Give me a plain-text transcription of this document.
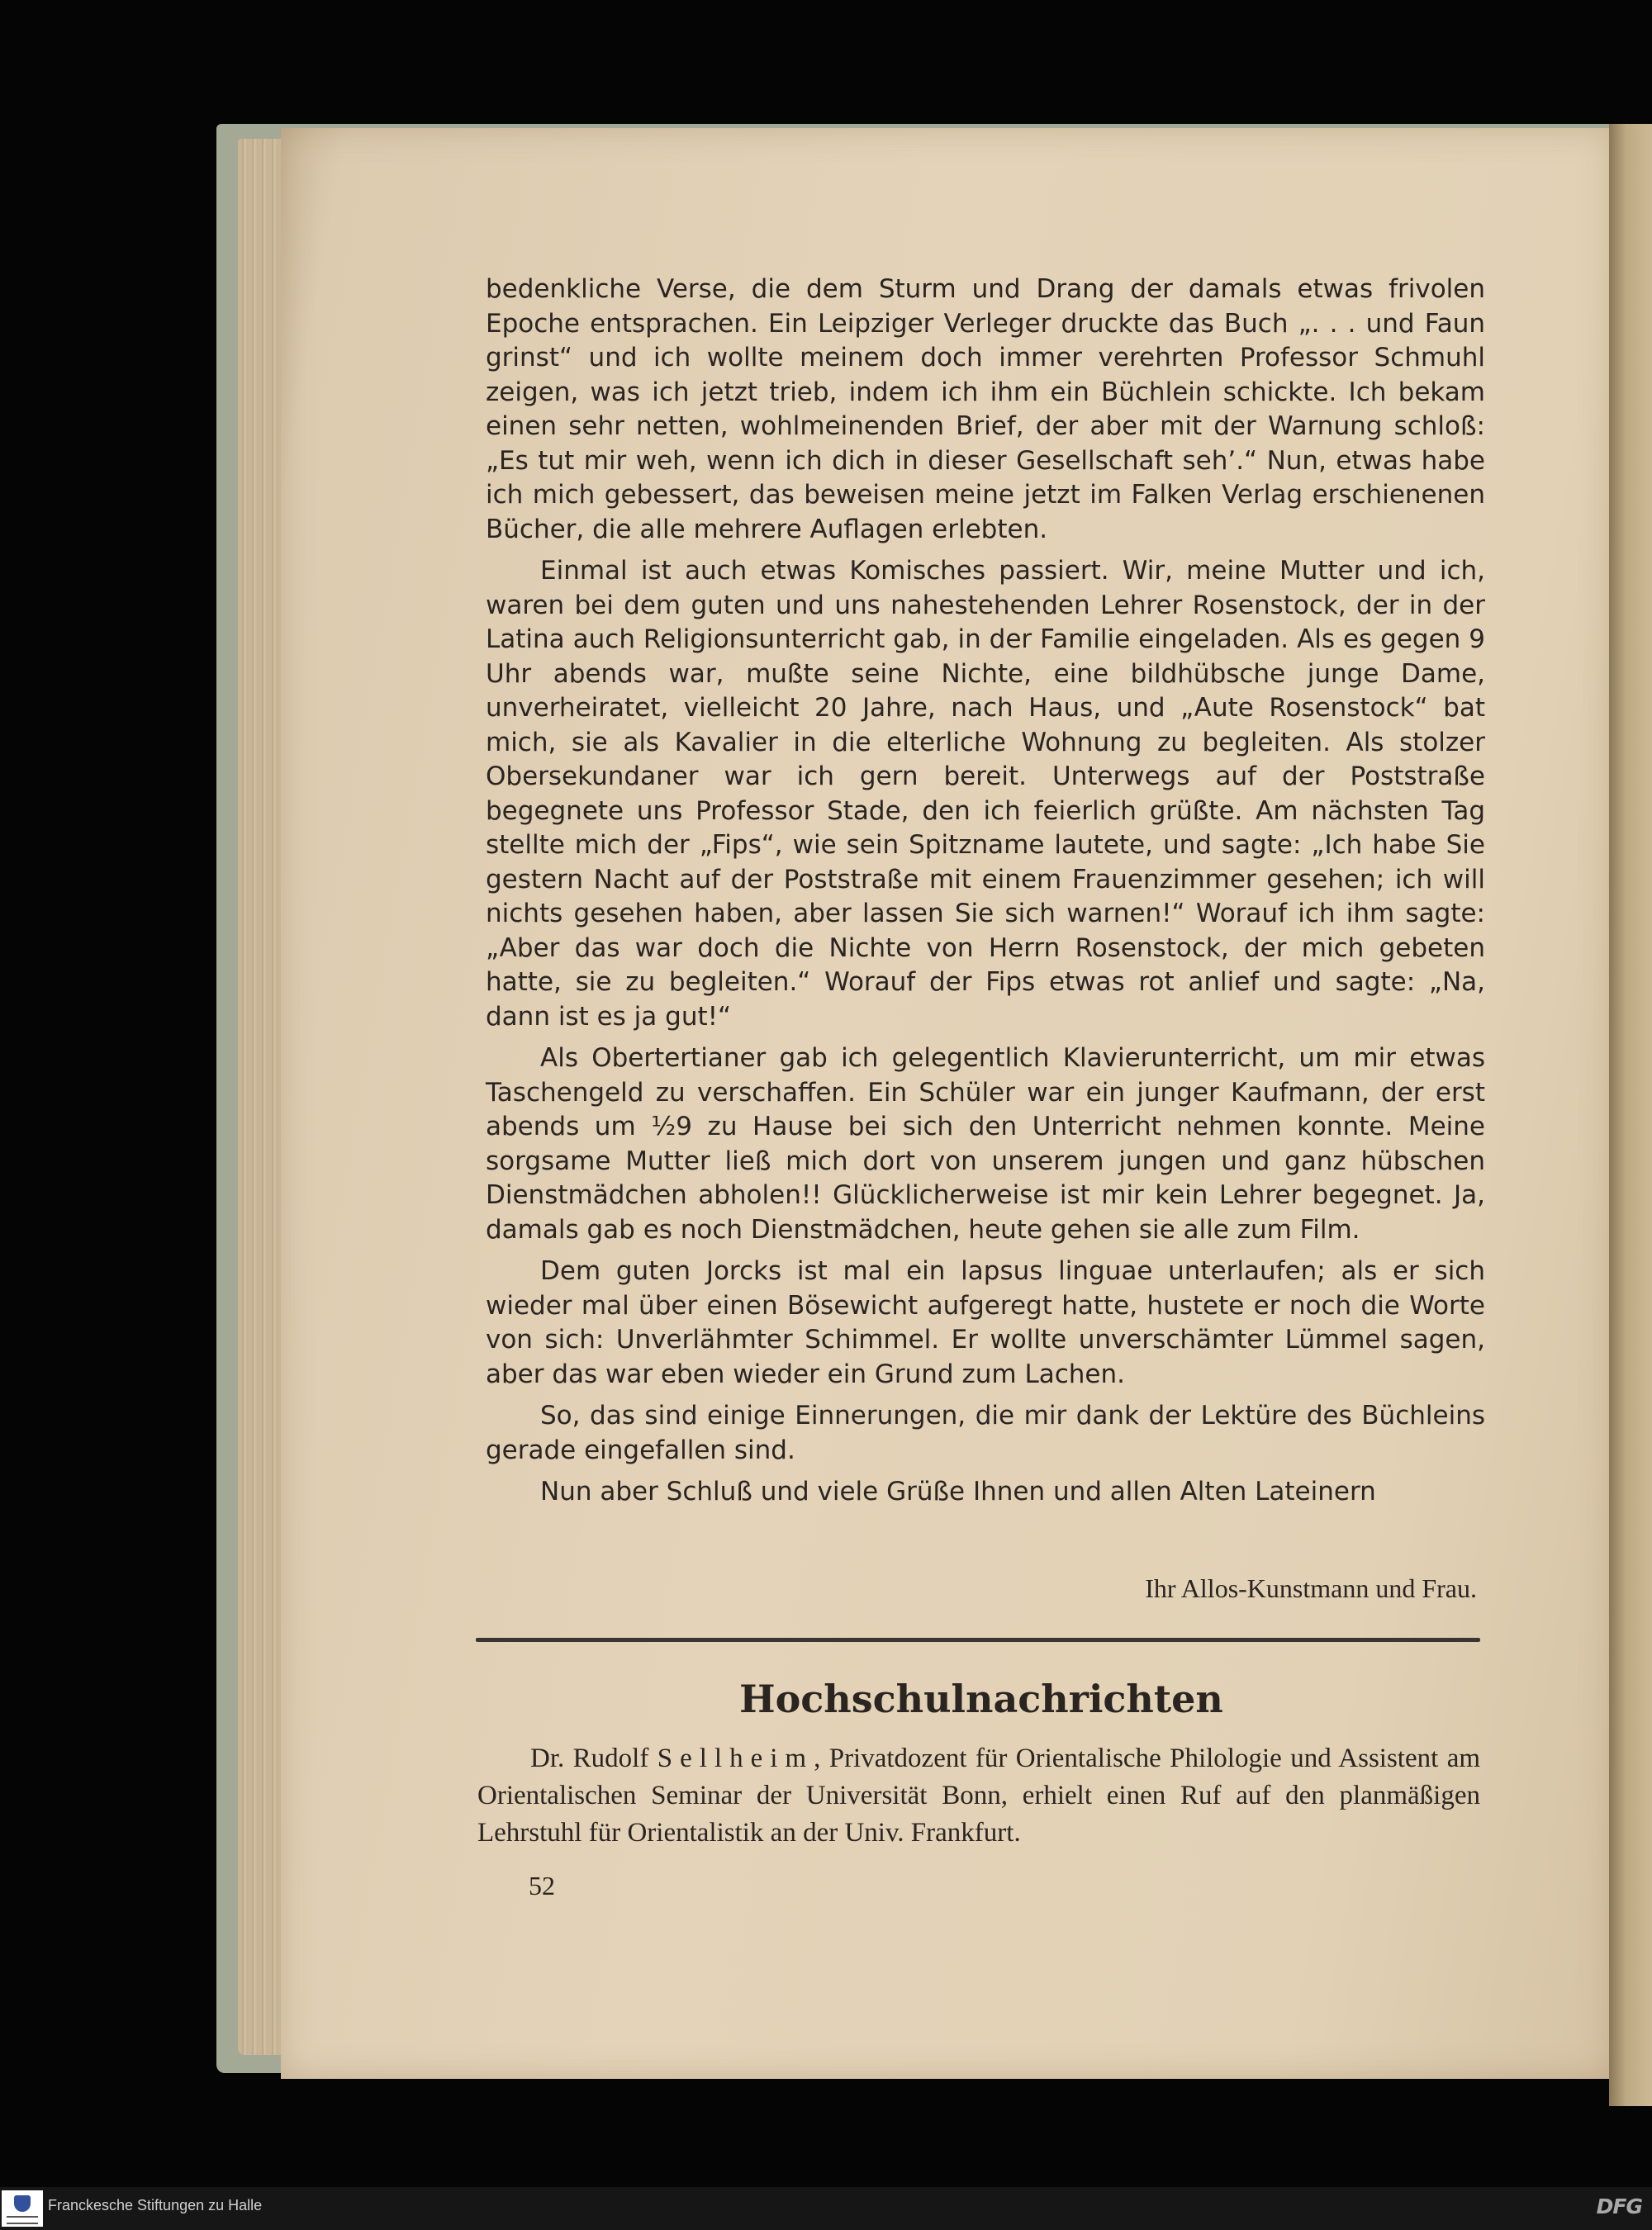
bedenkliche Verse, die dem Sturm und Drang der damals etwas frivolen Epoche entsprachen. Ein Leipziger Verleger druckte das Buch „. . . und Faun grinst“ und ich wollte meinem doch immer verehrten Professor Schmuhl zeigen, was ich jetzt trieb, indem ich ihm ein Büchlein schickte. Ich bekam einen sehr netten, wohlmeinenden Brief, der aber mit der Warnung schloß: „Es tut mir weh, wenn ich dich in dieser Gesellschaft seh’.“ Nun, etwas habe ich mich gebessert, das beweisen meine jetzt im Falken Verlag erschienenen Bücher, die alle mehrere Auflagen erlebten.

Einmal ist auch etwas Komisches passiert. Wir, meine Mutter und ich, waren bei dem guten und uns nahestehenden Lehrer Rosenstock, der in der Latina auch Religionsunterricht gab, in der Familie eingeladen. Als es gegen 9 Uhr abends war, mußte seine Nichte, eine bildhübsche junge Dame, unverheiratet, vielleicht 20 Jahre, nach Haus, und „Aute Rosenstock“ bat mich, sie als Kavalier in die elterliche Wohnung zu begleiten. Als stolzer Obersekundaner war ich gern bereit. Unterwegs auf der Poststraße begegnete uns Professor Stade, den ich feierlich grüßte. Am nächsten Tag stellte mich der „Fips“, wie sein Spitzname lautete, und sagte: „Ich habe Sie gestern Nacht auf der Poststraße mit einem Frauenzimmer gesehen; ich will nichts gesehen haben, aber lassen Sie sich warnen!“ Worauf ich ihm sagte: „Aber das war doch die Nichte von Herrn Rosenstock, der mich gebeten hatte, sie zu begleiten.“ Worauf der Fips etwas rot anlief und sagte: „Na, dann ist es ja gut!“

Als Obertertianer gab ich gelegentlich Klavierunterricht, um mir etwas Taschengeld zu verschaffen. Ein Schüler war ein junger Kaufmann, der erst abends um ½9 zu Hause bei sich den Unterricht nehmen konnte. Meine sorgsame Mutter ließ mich dort von unserem jungen und ganz hübschen Dienstmädchen abholen!! Glücklicherweise ist mir kein Lehrer begegnet. Ja, damals gab es noch Dienstmädchen, heute gehen sie alle zum Film.

Dem guten Jorcks ist mal ein lapsus linguae unterlaufen; als er sich wieder mal über einen Bösewicht aufgeregt hatte, hustete er noch die Worte von sich: Unverlähmter Schimmel. Er wollte unverschämter Lümmel sagen, aber das war eben wieder ein Grund zum Lachen.

So, das sind einige Einnerungen, die mir dank der Lektüre des Büchleins gerade eingefallen sind.

Nun aber Schluß und viele Grüße Ihnen und allen Alten Lateinern

Ihr Allos-Kunstmann und Frau.
Hochschulnachrichten

Dr. Rudolf Sellheim, Privatdozent für Orientalische Philologie und Assistent am Orientalischen Seminar der Universität Bonn, erhielt einen Ruf auf den planmäßigen Lehrstuhl für Orientalistik an der Univ. Frankfurt.

52
Franckesche Stiftungen zu Halle	DFG
